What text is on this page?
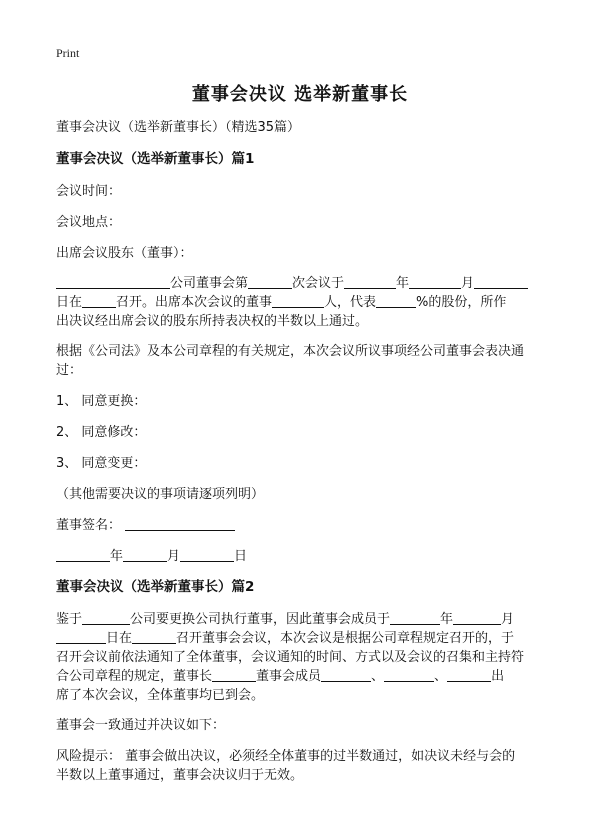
Print
董事会决议 选举新董事长
董事会决议（选举新董事长）（精选35篇）
董事会决议（选举新董事长）篇1
会议时间：
会议地点：
出席会议股东（董事）：
公司董事会第	次会议于	年	月
日在	召开。出席本次会议的董事	人，代表	%的股份，所作
出决议经出席会议的股东所持表决权的半数以上通过。
根据《公司法》及本公司章程的有关规定，本次会议所议事项经公司董事会表决通
过：
1、 同意更换：
2、 同意修改：
3、 同意变更：
（其他需要决议的事项请逐项列明）
董事签名：
年	月	日
董事会决议（选举新董事长）篇2
鉴于	公司要更换公司执行董事，因此董事会成员于	年	月
日在	召开董事会会议，本次会议是根据公司章程规定召开的，于
召开会议前依法通知了全体董事，会议通知的时间、方式以及会议的召集和主持符
合公司章程的规定，董事长	董事会成员	、	、	出
席了本次会议，全体董事均已到会。
董事会一致通过并决议如下：
风险提示： 董事会做出决议，必须经全体董事的过半数通过，如决议未经与会的
半数以上董事通过，董事会决议归于无效。
